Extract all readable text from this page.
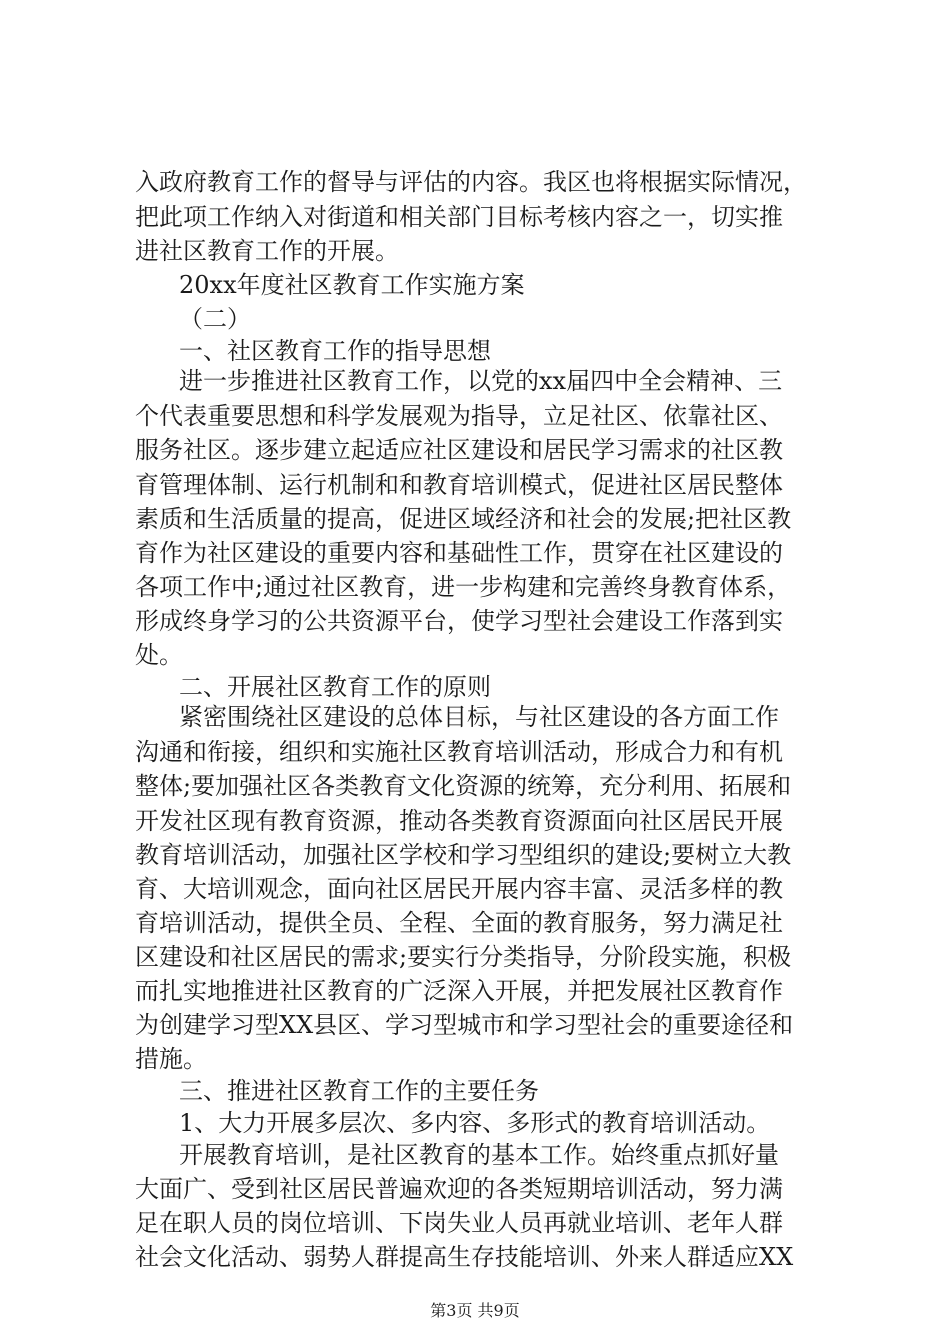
入政府教育工作的督导与评估的内容。我区也将根据实际情况，
把此项工作纳入对街道和相关部门目标考核内容之一，切实推
进社区教育工作的开展。
20xx年度社区教育工作实施方案
（二）
一、社区教育工作的指导思想
进一步推进社区教育工作，以党的xx届四中全会精神、三
个代表重要思想和科学发展观为指导，立足社区、依靠社区、
服务社区。逐步建立起适应社区建设和居民学习需求的社区教
育管理体制、运行机制和和教育培训模式，促进社区居民整体
素质和生活质量的提高，促进区域经济和社会的发展;把社区教
育作为社区建设的重要内容和基础性工作，贯穿在社区建设的
各项工作中;通过社区教育，进一步构建和完善终身教育体系，
形成终身学习的公共资源平台，使学习型社会建设工作落到实
处。
二、开展社区教育工作的原则
紧密围绕社区建设的总体目标，与社区建设的各方面工作
沟通和衔接，组织和实施社区教育培训活动，形成合力和有机
整体;要加强社区各类教育文化资源的统筹，充分利用、拓展和
开发社区现有教育资源，推动各类教育资源面向社区居民开展
教育培训活动，加强社区学校和学习型组织的建设;要树立大教
育、大培训观念，面向社区居民开展内容丰富、灵活多样的教
育培训活动，提供全员、全程、全面的教育服务，努力满足社
区建设和社区居民的需求;要实行分类指导，分阶段实施，积极
而扎实地推进社区教育的广泛深入开展，并把发展社区教育作
为创建学习型XX县区、学习型城市和学习型社会的重要途径和
措施。
三、推进社区教育工作的主要任务
1、大力开展多层次、多内容、多形式的教育培训活动。
开展教育培训，是社区教育的基本工作。始终重点抓好量
大面广、受到社区居民普遍欢迎的各类短期培训活动，努力满
足在职人员的岗位培训、下岗失业人员再就业培训、老年人群
社会文化活动、弱势人群提高生存技能培训、外来人群适应XX
第3页 共9页
